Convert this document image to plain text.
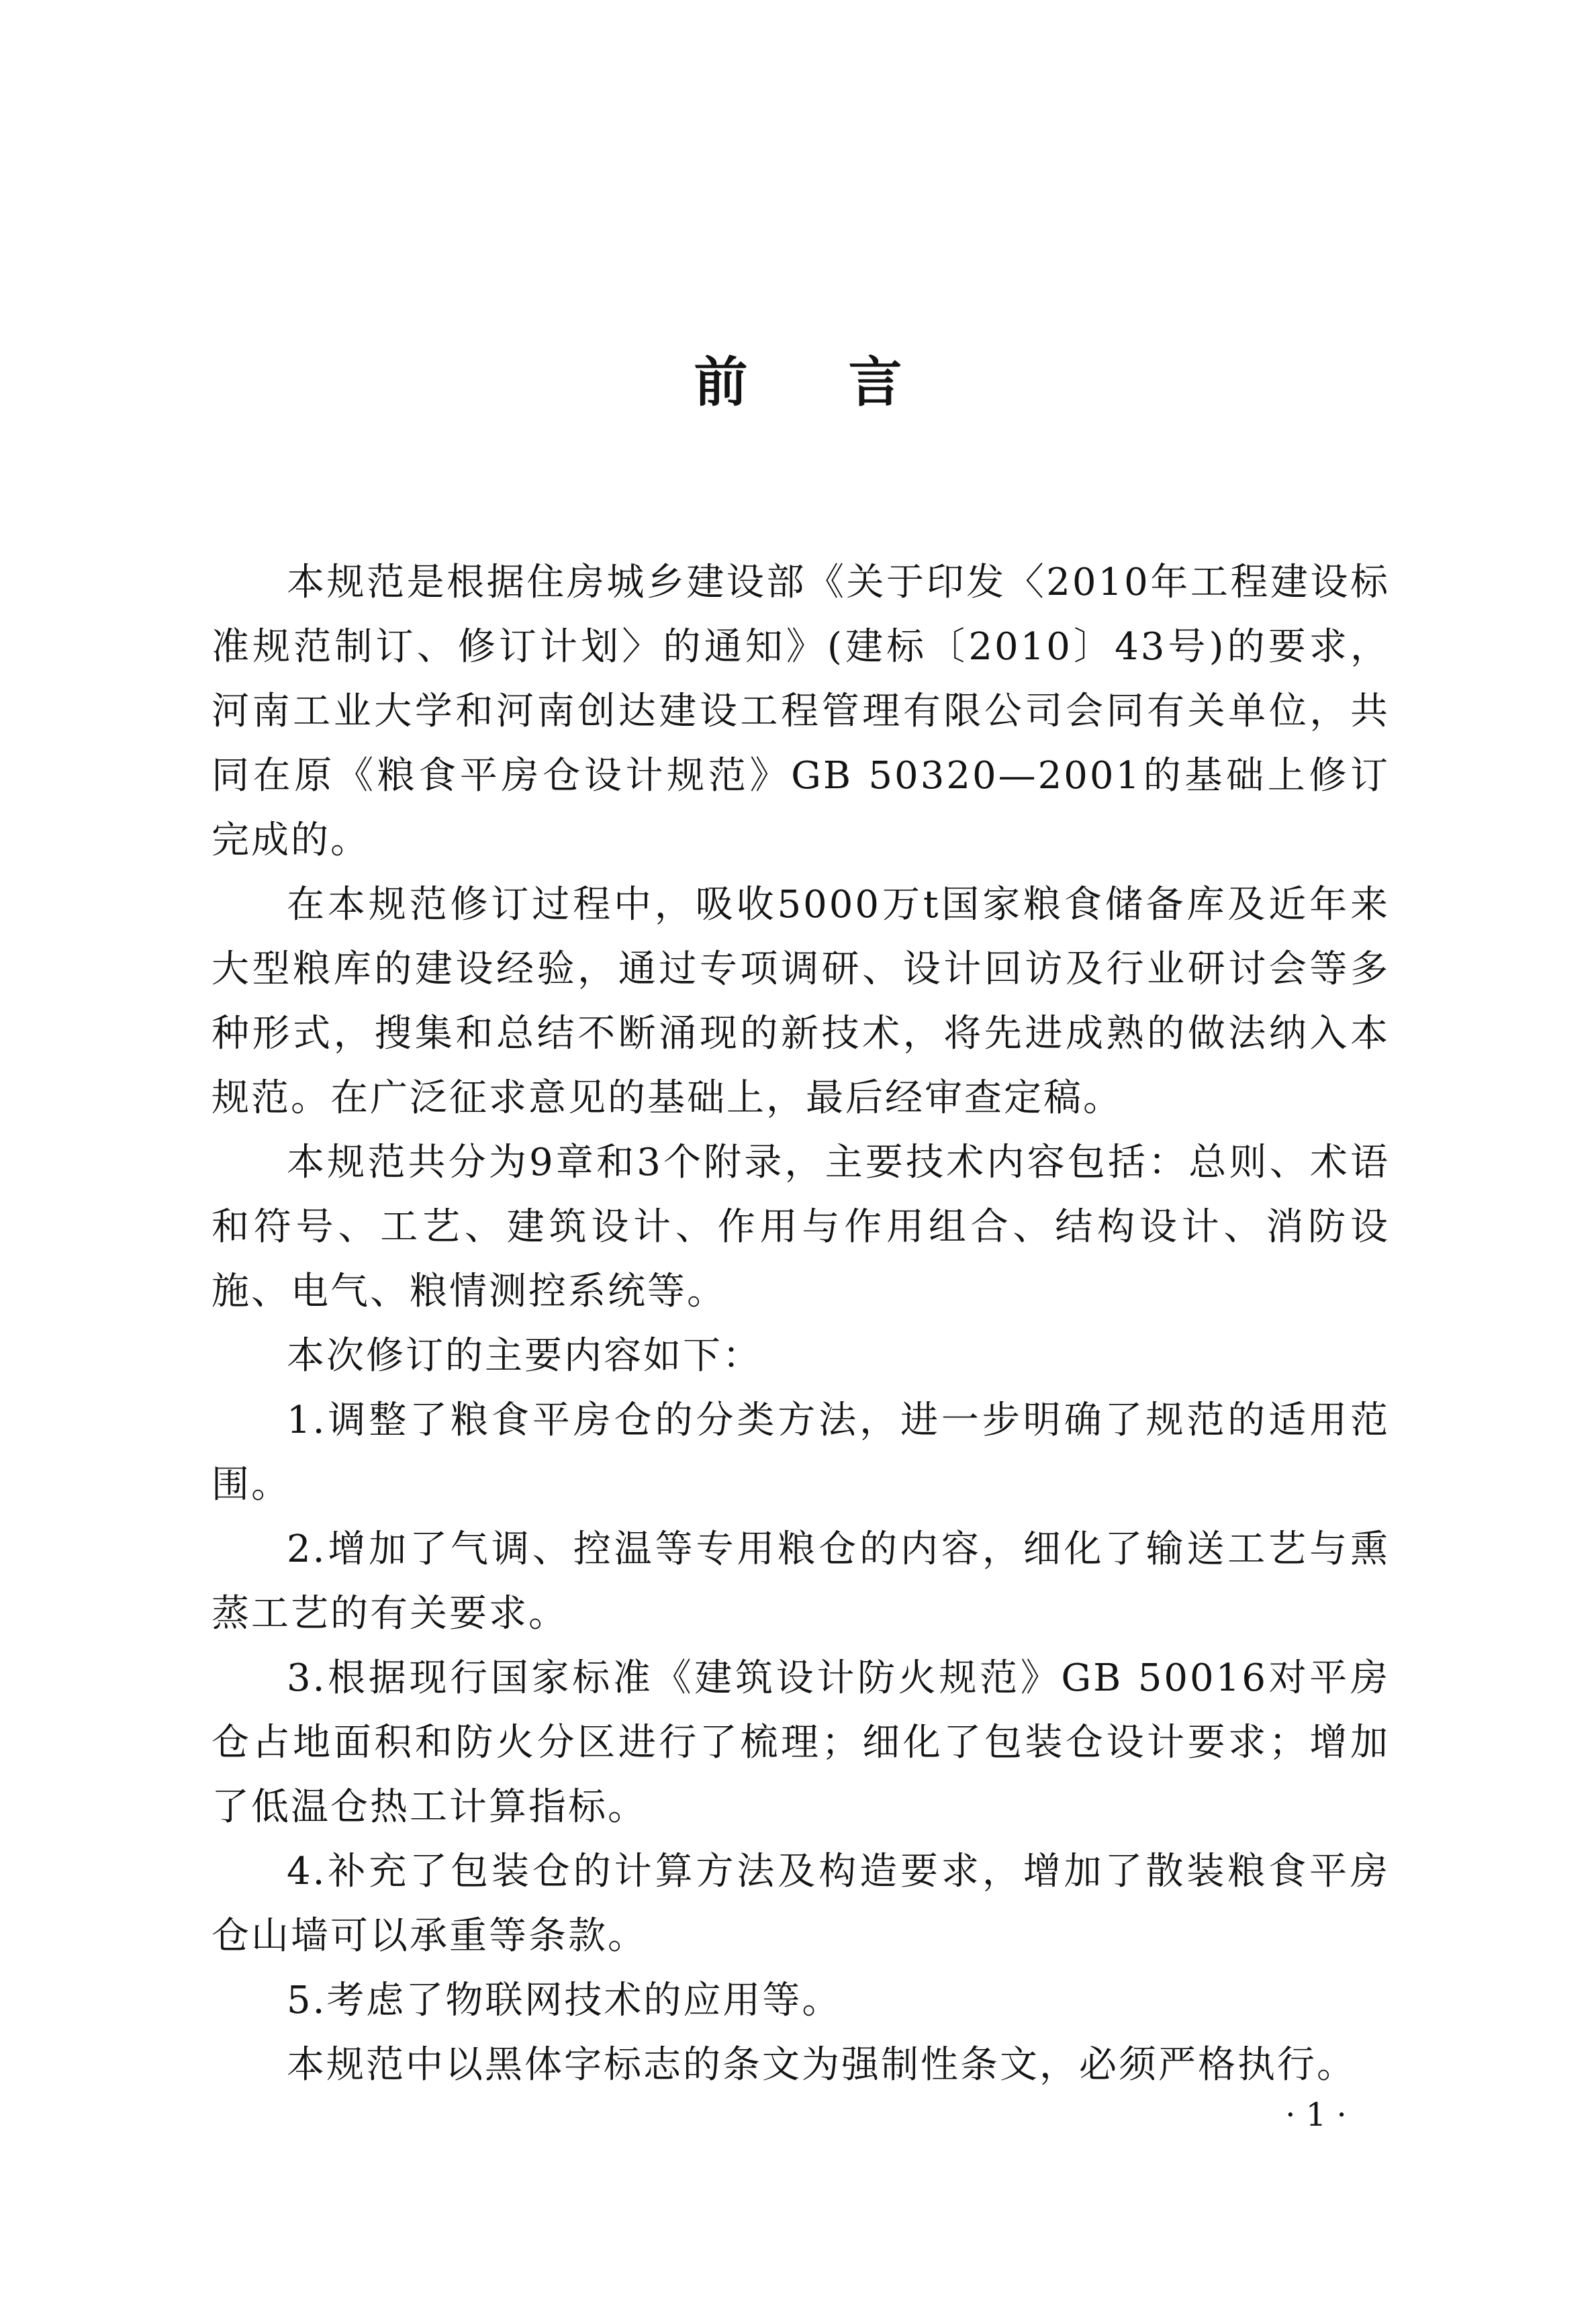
前言

本规范是根据住房城乡建设部《关于印发〈2010年工程建设标准规范制订、修订计划〉的通知》(建标〔2010〕43号)的要求，河南工业大学和河南创达建设工程管理有限公司会同有关单位，共同在原《粮食平房仓设计规范》GB 50320—2001的基础上修订完成的。

在本规范修订过程中，吸收5000万t国家粮食储备库及近年来大型粮库的建设经验，通过专项调研、设计回访及行业研讨会等多种形式，搜集和总结不断涌现的新技术，将先进成熟的做法纳入本规范。在广泛征求意见的基础上，最后经审查定稿。

本规范共分为9章和3个附录，主要技术内容包括：总则、术语和符号、工艺、建筑设计、作用与作用组合、结构设计、消防设施、电气、粮情测控系统等。

本次修订的主要内容如下：

1.调整了粮食平房仓的分类方法，进一步明确了规范的适用范围。

2.增加了气调、控温等专用粮仓的内容，细化了输送工艺与熏蒸工艺的有关要求。

3.根据现行国家标准《建筑设计防火规范》GB 50016对平房仓占地面积和防火分区进行了梳理；细化了包装仓设计要求；增加了低温仓热工计算指标。

4.补充了包装仓的计算方法及构造要求，增加了散装粮食平房仓山墙可以承重等条款。

5.考虑了物联网技术的应用等。

本规范中以黑体字标志的条文为强制性条文，必须严格执行。

· 1 ·
